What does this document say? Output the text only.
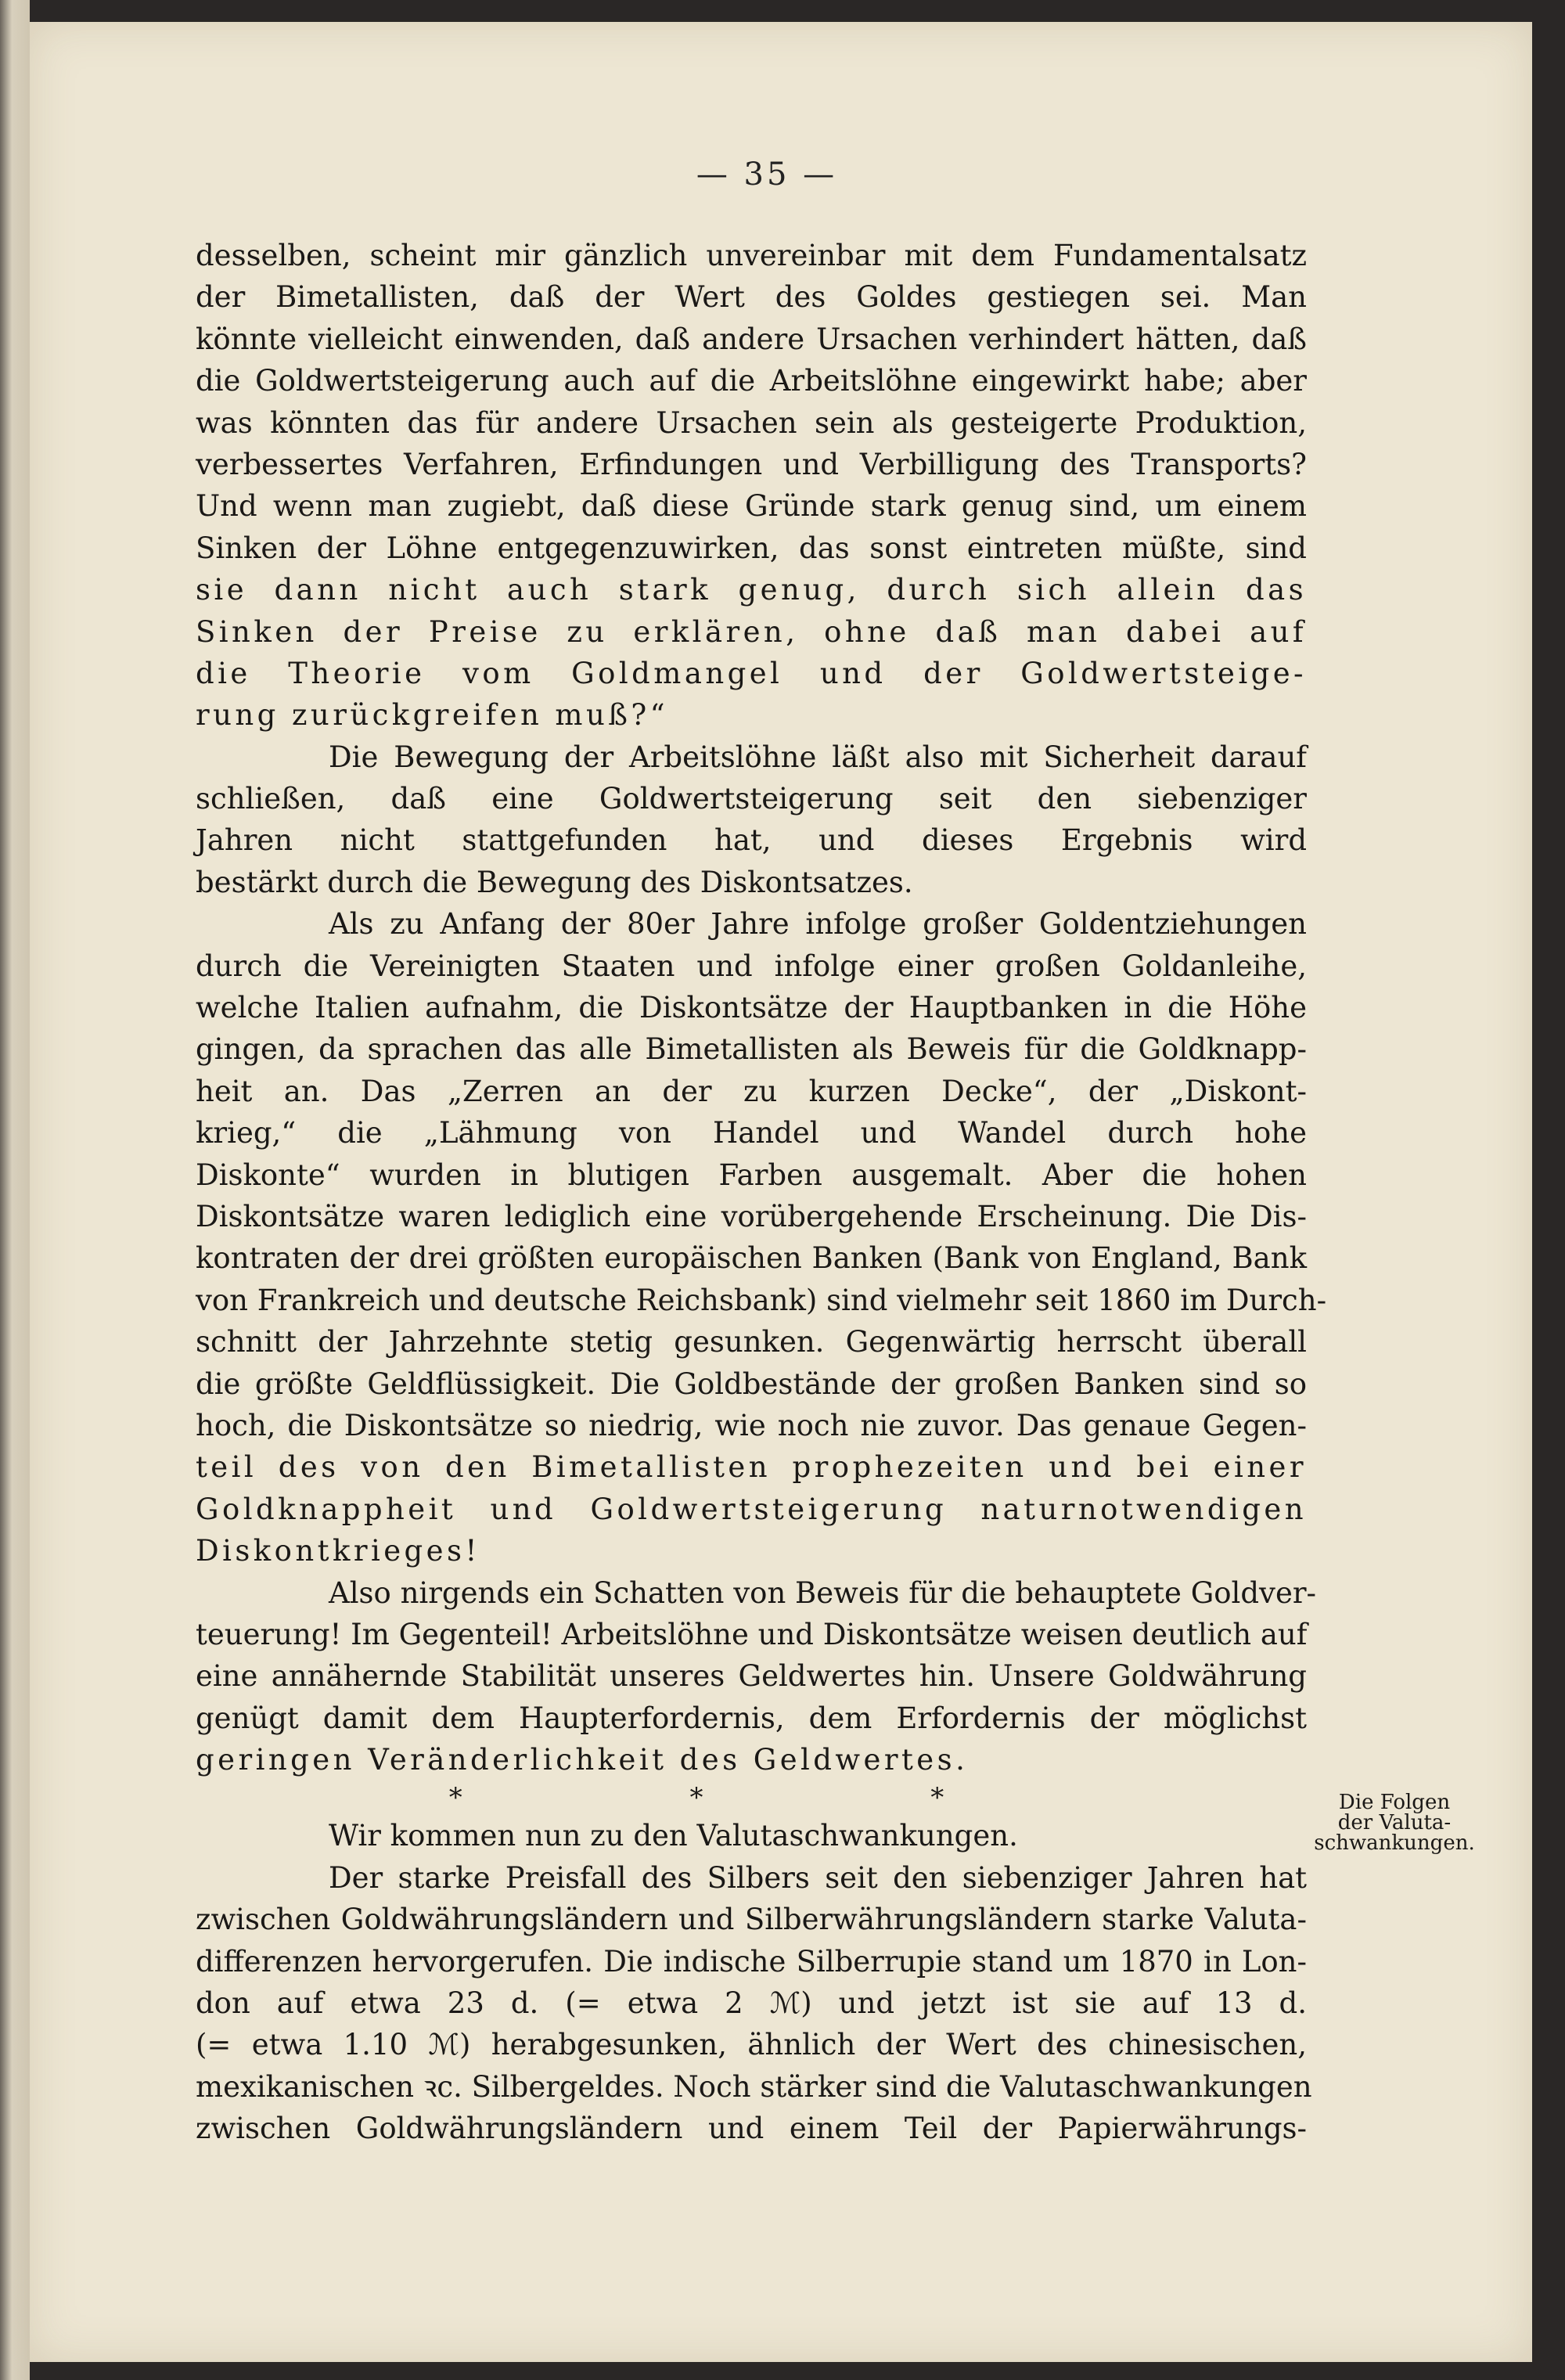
— 35 —
desselben, scheint mir gänzlich unvereinbar mit dem Fundamentalsatz
der Bimetallisten, daß der Wert des Goldes gestiegen sei. Man
könnte vielleicht einwenden, daß andere Ursachen verhindert hätten, daß
die Goldwertsteigerung auch auf die Arbeitslöhne eingewirkt habe; aber
was könnten das für andere Ursachen sein als gesteigerte Produktion,
verbessertes Verfahren, Erfindungen und Verbilligung des Transports?
Und wenn man zugiebt, daß diese Gründe stark genug sind, um einem
Sinken der Löhne entgegenzuwirken, das sonst eintreten müßte, sind
sie dann nicht auch stark genug, durch sich allein das
Sinken der Preise zu erklären, ohne daß man dabei auf
die Theorie vom Goldmangel und der Goldwertsteige-
rung zurückgreifen muß?“
Die Bewegung der Arbeitslöhne läßt also mit Sicherheit darauf
schließen, daß eine Goldwertsteigerung seit den siebenziger
Jahren nicht stattgefunden hat, und dieses Ergebnis wird
bestärkt durch die Bewegung des Diskontsatzes.
Als zu Anfang der 80er Jahre infolge großer Goldentziehungen
durch die Vereinigten Staaten und infolge einer großen Goldanleihe,
welche Italien aufnahm, die Diskontsätze der Hauptbanken in die Höhe
gingen, da sprachen das alle Bimetallisten als Beweis für die Goldknapp-
heit an. Das „Zerren an der zu kurzen Decke“, der „Diskont-
krieg,“ die „Lähmung von Handel und Wandel durch hohe
Diskonte“ wurden in blutigen Farben ausgemalt. Aber die hohen
Diskontsätze waren lediglich eine vorübergehende Erscheinung. Die Dis-
kontraten der drei größten europäischen Banken (Bank von England, Bank
von Frankreich und deutsche Reichsbank) sind vielmehr seit 1860 im Durch-
schnitt der Jahrzehnte stetig gesunken. Gegenwärtig herrscht überall
die größte Geldflüssigkeit. Die Goldbestände der großen Banken sind so
hoch, die Diskontsätze so niedrig, wie noch nie zuvor. Das genaue Gegen-
teil des von den Bimetallisten prophezeiten und bei einer
Goldknappheit und Goldwertsteigerung naturnotwendigen
Diskontkrieges!
Also nirgends ein Schatten von Beweis für die behauptete Goldver-
teuerung! Im Gegenteil! Arbeitslöhne und Diskontsätze weisen deutlich auf
eine annähernde Stabilität unseres Geldwertes hin. Unsere Goldwährung
genügt damit dem Haupterfordernis, dem Erfordernis der möglichst
geringen Veränderlichkeit des Geldwertes.
* * *
Wir kommen nun zu den Valutaschwankungen.
Der starke Preisfall des Silbers seit den siebenziger Jahren hat
zwischen Goldwährungsländern und Silberwährungsländern starke Valuta-
differenzen hervorgerufen. Die indische Silberrupie stand um 1870 in Lon-
don auf etwa 23 d. (= etwa 2 ℳ) und jetzt ist sie auf 13 d.
(= etwa 1.10 ℳ) herabgesunken, ähnlich der Wert des chinesischen,
mexikanischen ꝛc. Silbergeldes. Noch stärker sind die Valutaschwankungen
zwischen Goldwährungsländern und einem Teil der Papierwährungs-
Die Folgen
der Valuta-
schwankungen.
